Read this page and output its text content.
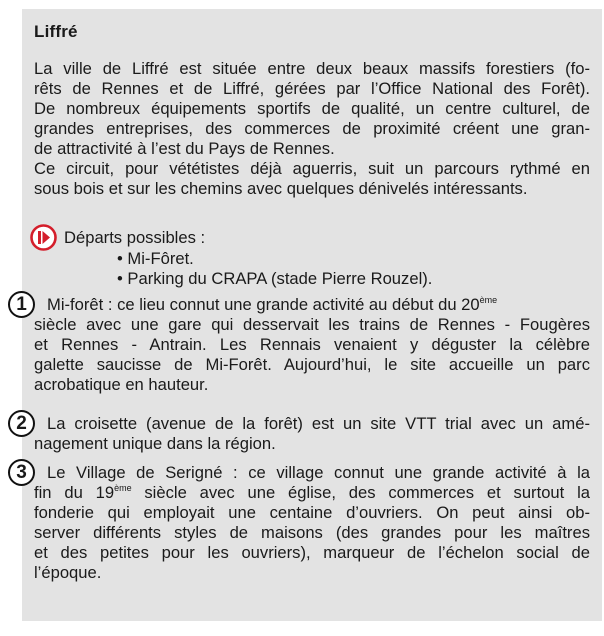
Liffré
La ville de Liffré est située entre deux beaux massifs forestiers (fo-
rêts de Rennes et de Liffré, gérées par l’Office National des Forêt).
De nombreux équipements sportifs de qualité, un centre culturel, de
grandes entreprises, des commerces de proximité créent une gran-
de attractivité à l’est du Pays de Rennes.
Ce circuit, pour vététistes déjà aguerris, suit un parcours rythmé en
sous bois et sur les chemins avec quelques dénivelés intéressants.
Départs possibles :
• Mi-Fôret.
• Parking du CRAPA (stade Pierre Rouzel).
1	Mi-forêt : ce lieu connut une grande activité au début du 20ème
siècle avec une gare qui desservait les trains de Rennes - Fougères
et Rennes - Antrain. Les Rennais venaient y déguster la célèbre
galette saucisse de Mi-Forêt. Aujourd’hui, le site accueille un parc
acrobatique en hauteur.
2	La croisette (avenue de la forêt) est un site VTT trial avec un amé-
nagement unique dans la région.
3	Le Village de Serigné : ce village connut une grande activité à la
fin du 19ème siècle avec une église, des commerces et surtout la
fonderie qui employait une centaine d’ouvriers. On peut ainsi ob-
server différents styles de maisons (des grandes pour les maîtres
et des petites pour les ouvriers), marqueur de l’échelon social de
l’époque.
